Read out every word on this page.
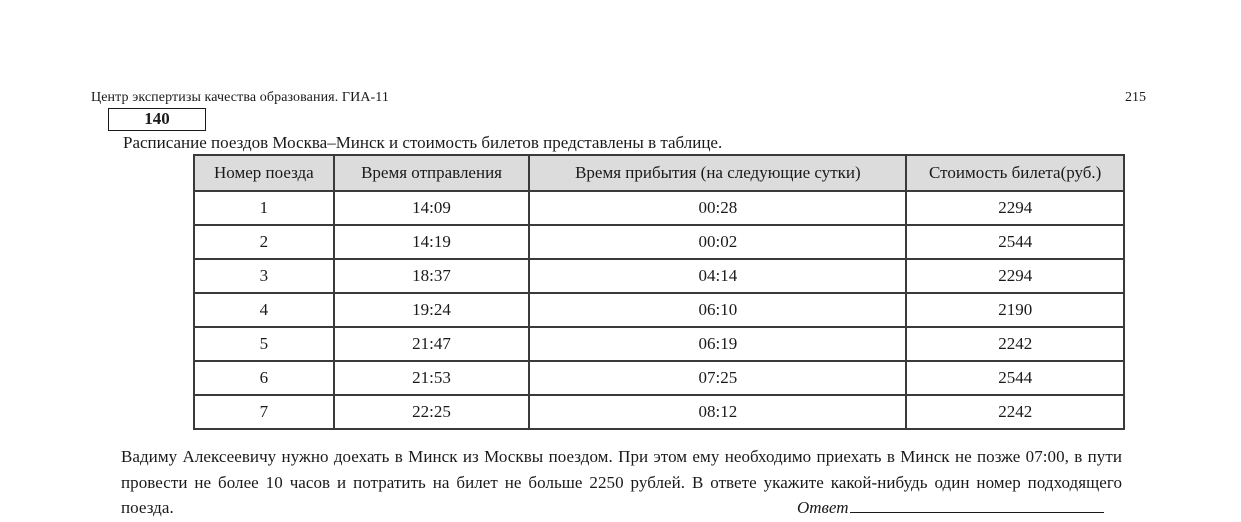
Центр экспертизы качества образования. ГИА-11	215
140
Расписание поездов Москва–Минск и стоимость билетов представлены в таблице.
Номер поезда	Время отправления	Время прибытия (на следующие сутки)	Стоимость билета(руб.)
1	14:09	00:28	2294
2	14:19	00:02	2544
3	18:37	04:14	2294
4	19:24	06:10	2190
5	21:47	06:19	2242
6	21:53	07:25	2544
7	22:25	08:12	2242
Вадиму Алексеевичу нужно доехать в Минск из Москвы поездом. При этом ему необходимо приехать в Минск не позже 07:00, в пути провести не более 10 часов и потратить на билет не больше 2250 рублей. В ответе укажите какой-нибудь один номер подходящего поезда.	Ответ
